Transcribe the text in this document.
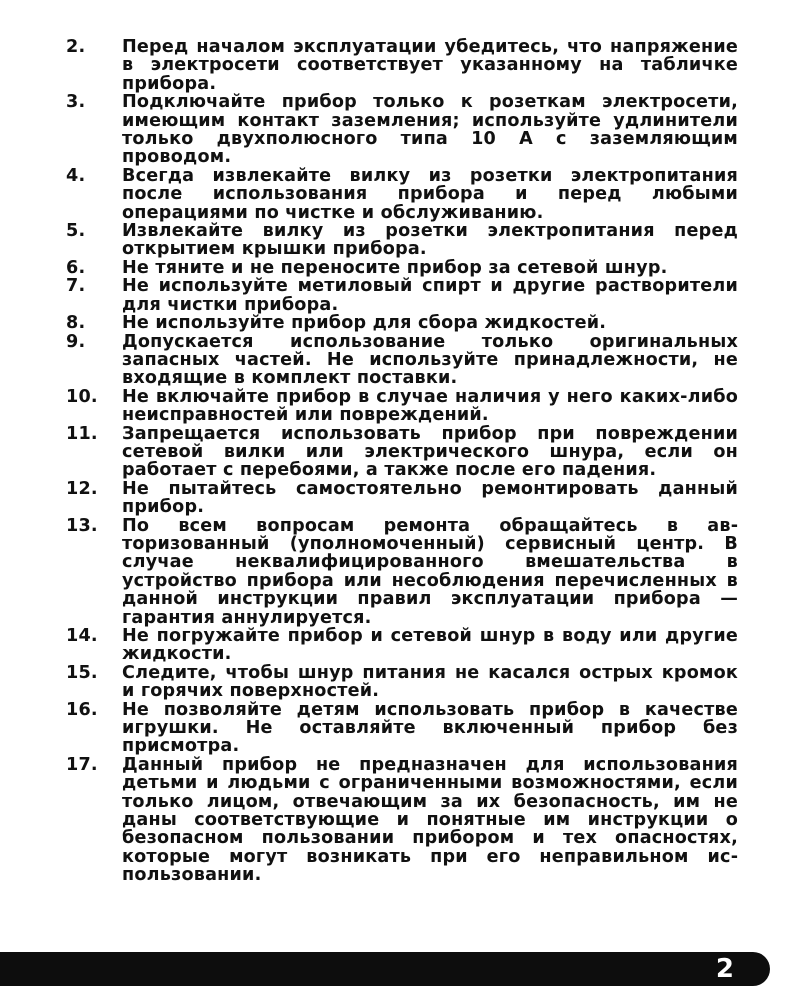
2.	Перед началом эксплуатации убедитесь, что напряжение в электросети соответствует указанному на табличке прибора.
3.	Подключайте прибор только к розеткам электросети, имеющим контакт заземления; используйте удлинители только двухполюсного типа 10 А с заземляющим проводом.
4.	Всегда извлекайте вилку из розетки электропитания после использования прибора и перед любыми операциями по чистке и обслуживанию.
5.	Извлекайте вилку из розетки электропитания перед открытием крышки прибора.
6.	Не тяните и не переносите прибор за сетевой шнур.
7.	Не используйте метиловый спирт и другие растворители для чистки прибора.
8.	Не используйте прибор для сбора жидкостей.
9.	Допускается использование только оригинальных запасных частей. Не используйте принадлежности, не входящие в комплект поставки.
10.	Не включайте прибор в случае наличия у него каких-либо неисправностей или повреждений.
11.	Запрещается использовать прибор при повреждении сетевой вилки или электрического шнура, если он работает с перебоями, а также после его падения.
12.	Не пытайтесь самостоятельно ремонтировать данный прибор.
13.	По всем вопросам ремонта обращайтесь в авторизованный (уполномоченный) сервисный центр. В случае неквалифицированного вмешательства в устройство прибора или несоблюдения перечисленных в данной инструкции правил эксплуатации прибора — гарантия аннулируется.
14.	Не погружайте прибор и сетевой шнур в воду или другие жидкости.
15.	Следите, чтобы шнур питания не касался острых кромок и горячих поверхностей.
16.	Не позволяйте детям использовать прибор в качестве игрушки. Не оставляйте включенный прибор без присмотра.
17.	Данный прибор не предназначен для использования детьми и людьми с ограниченными возможностями, если только лицом, отвечающим за их безопасность, им не даны соответствующие и понятные им инструкции о безопасном пользовании прибором и тех опасностях, которые могут возникать при его неправильном использовании.
2
